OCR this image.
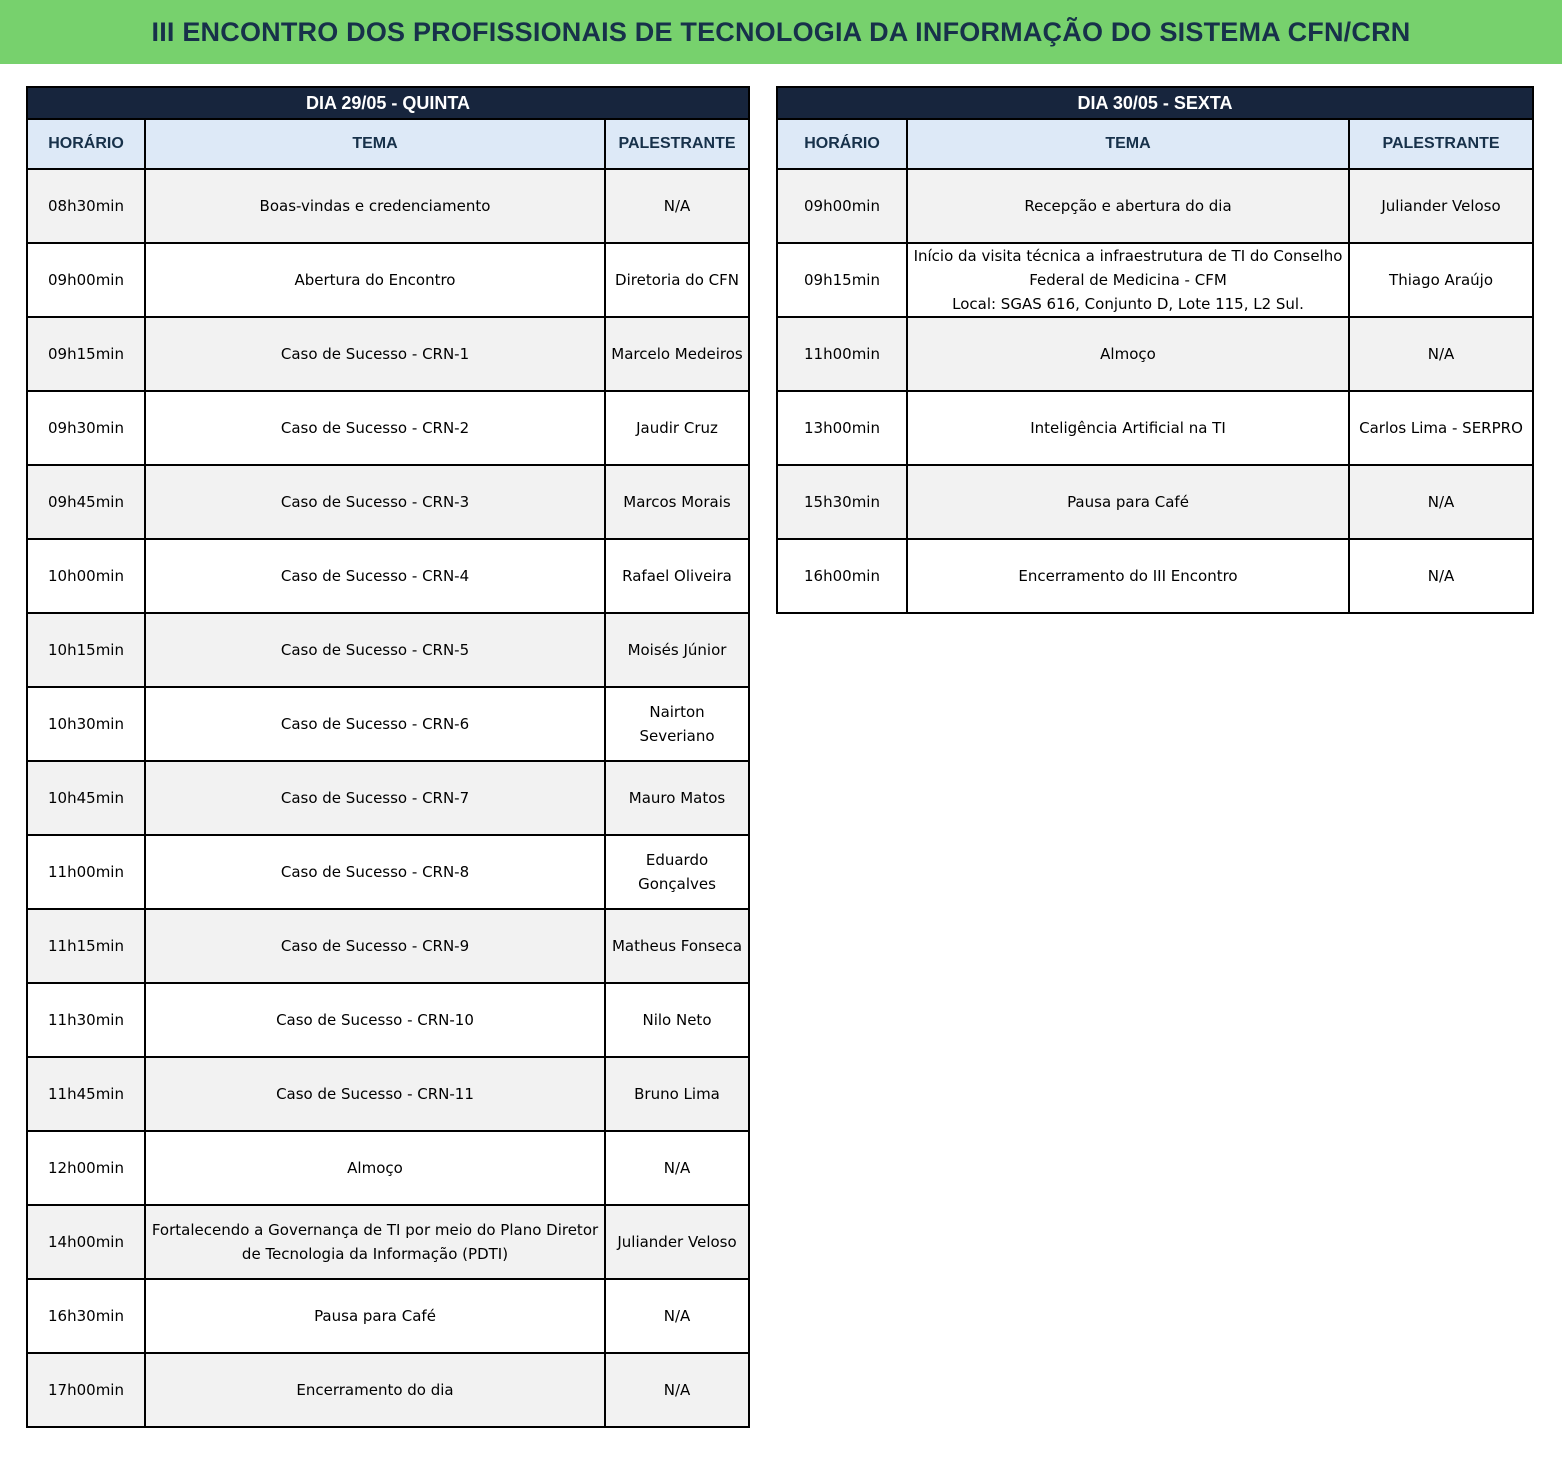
III ENCONTRO DOS PROFISSIONAIS DE TECNOLOGIA DA INFORMAÇÃO DO SISTEMA CFN/CRN
DIA 29/05 - QUINTA		
HORÁRIO	TEMA	PALESTRANTE
08h30min	Boas-vindas e credenciamento	N/A
09h00min	Abertura do Encontro	Diretoria do CFN
09h15min	Caso de Sucesso - CRN-1	Marcelo Medeiros
09h30min	Caso de Sucesso - CRN-2	Jaudir Cruz
09h45min	Caso de Sucesso - CRN-3	Marcos Morais
10h00min	Caso de Sucesso - CRN-4	Rafael Oliveira
10h15min	Caso de Sucesso - CRN-5	Moisés Júnior
10h30min	Caso de Sucesso - CRN-6	Nairton Severiano
10h45min	Caso de Sucesso - CRN-7	Mauro Matos
11h00min	Caso de Sucesso - CRN-8	Eduardo
Gonçalves
11h15min	Caso de Sucesso - CRN-9	Matheus Fonseca
11h30min	Caso de Sucesso - CRN-10	Nilo Neto
11h45min	Caso de Sucesso - CRN-11	Bruno Lima
12h00min	Almoço	N/A
14h00min	Fortalecendo a Governança de TI por meio do Plano Diretor
de Tecnologia da Informação (PDTI)	Juliander Veloso
16h30min	Pausa para Café	N/A
17h00min	Encerramento do dia	N/A
DIA 30/05 - SEXTA		
HORÁRIO	TEMA	PALESTRANTE
09h00min	Recepção e abertura do dia	Juliander Veloso
09h15min	Início da visita técnica a infraestrutura de TI do Conselho
Federal de Medicina - CFM
Local: SGAS 616, Conjunto D, Lote 115, L2 Sul.	Thiago Araújo
11h00min	Almoço	N/A
13h00min	Inteligência Artificial na TI	Carlos Lima - SERPRO
15h30min	Pausa para Café	N/A
16h00min	Encerramento do III Encontro	N/A
